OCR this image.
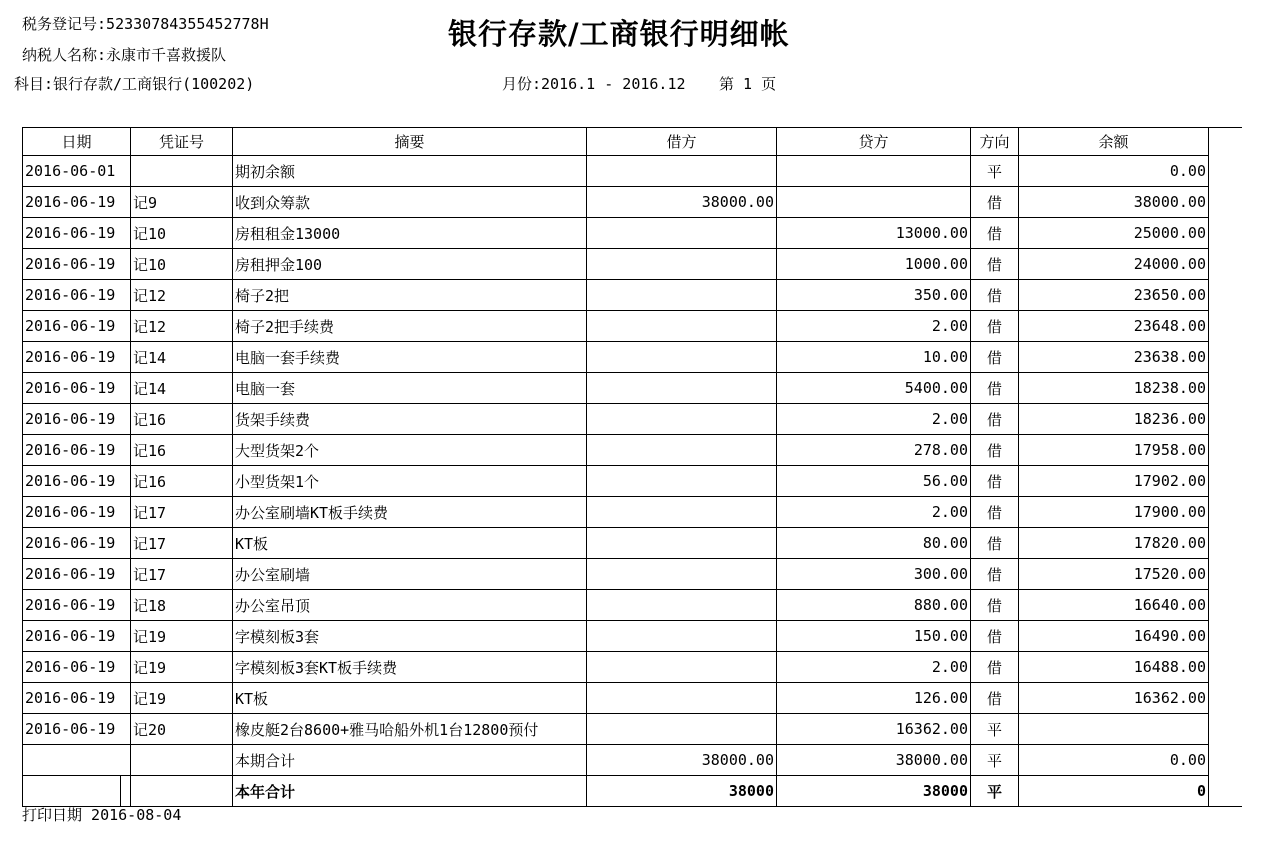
税务登记号:52330784355452778H
纳税人名称:永康市千喜救援队
科目:银行存款/工商银行(100202)
银行存款/工商银行明细帐
月份:2016.1 - 2016.12 第 1 页
日期		凭证号	摘要	借方	贷方	方向	余额	
2016-06-01			期初余额			平	0.00	
2016-06-19		记9	收到众筹款	38000.00		借	38000.00	
2016-06-19		记10	房租租金13000		13000.00	借	25000.00	
2016-06-19		记10	房租押金100		1000.00	借	24000.00	
2016-06-19		记12	椅子2把		350.00	借	23650.00	
2016-06-19		记12	椅子2把手续费		2.00	借	23648.00	
2016-06-19		记14	电脑一套手续费		10.00	借	23638.00	
2016-06-19		记14	电脑一套		5400.00	借	18238.00	
2016-06-19		记16	货架手续费		2.00	借	18236.00	
2016-06-19		记16	大型货架2个		278.00	借	17958.00	
2016-06-19		记16	小型货架1个		56.00	借	17902.00	
2016-06-19		记17	办公室刷墙KT板手续费		2.00	借	17900.00	
2016-06-19		记17	KT板		80.00	借	17820.00	
2016-06-19		记17	办公室刷墙		300.00	借	17520.00	
2016-06-19		记18	办公室吊顶		880.00	借	16640.00	
2016-06-19		记19	字模刻板3套		150.00	借	16490.00	
2016-06-19		记19	字模刻板3套KT板手续费		2.00	借	16488.00	
2016-06-19		记19	KT板		126.00	借	16362.00	
2016-06-19		记20	橡皮艇2台8600+雅马哈船外机1台12800预付		16362.00	平		
			本期合计	38000.00	38000.00	平	0.00	
			本年合计	38000	38000	平	0	
打印日期 2016-08-04
